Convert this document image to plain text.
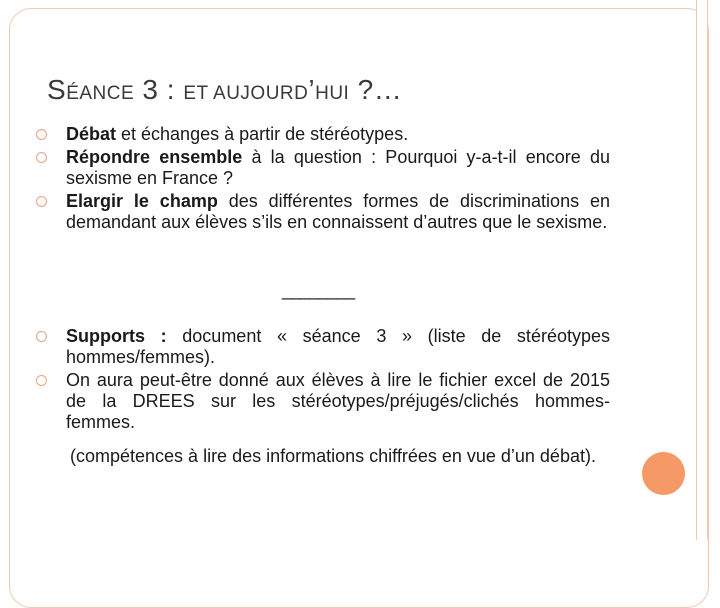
SÉANCE 3 : ET AUJOURD’HUI ?…
Débat et échanges à partir de stéréotypes.
Répondre ensemble à la question : Pourquoi y-a-t-il encore du sexisme en France ?
Elargir le champ des différentes formes de discriminations en demandant aux élèves s’ils en connaissent d’autres que le sexisme.
________
Supports : document « séance 3 » (liste de stéréotypes hommes/femmes).
On aura peut-être donné aux élèves à lire le fichier excel de 2015 de la DREES sur les stéréotypes/préjugés/clichés hommes-femmes.

(compétences à lire des informations chiffrées en vue d’un débat).
